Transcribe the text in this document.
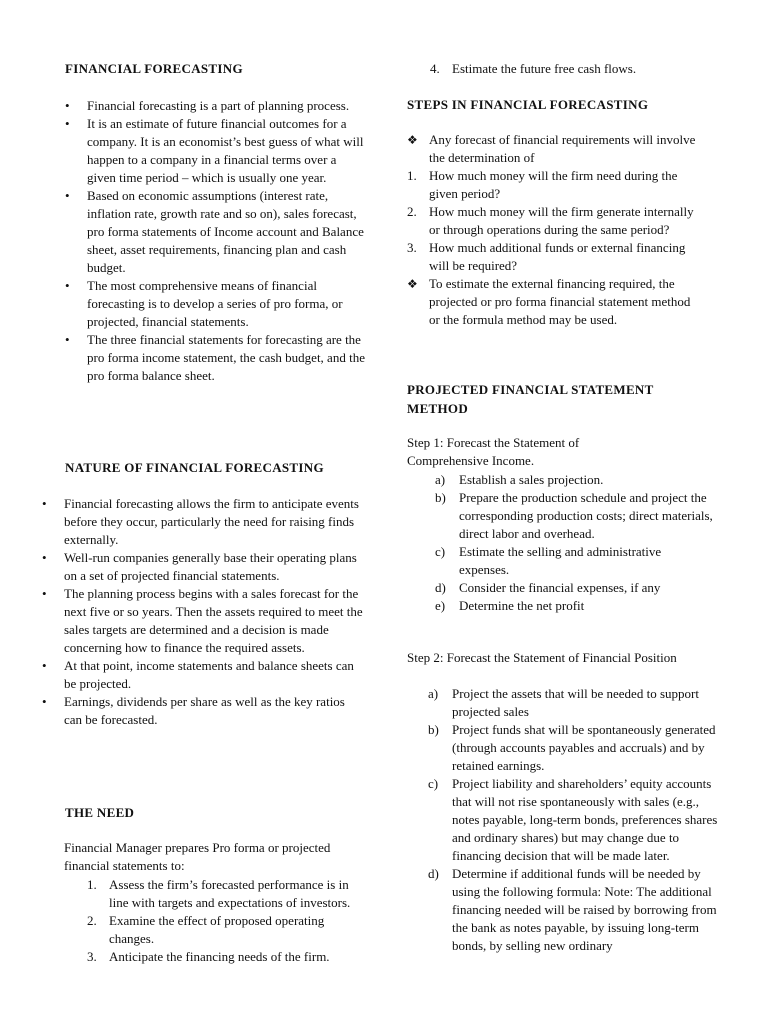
FINANCIAL FORECASTING
• Financial forecasting is a part of planning process.
• It is an estimate of future financial outcomes for a company. It is an economist’s best guess of what will happen to a company in a financial terms over a given time period – which is usually one year.
• Based on economic assumptions (interest rate, inflation rate, growth rate and so on), sales forecast, pro forma statements of Income account and Balance sheet, asset requirements, financing plan and cash budget.
• The most comprehensive means of financial forecasting is to develop a series of pro forma, or projected, financial statements.
• The three financial statements for forecasting are the pro forma income statement, the cash budget, and the pro forma balance sheet.
NATURE OF FINANCIAL FORECASTING
• Financial forecasting allows the firm to anticipate events before they occur, particularly the need for raising finds externally.
• Well-run companies generally base their operating plans on a set of projected financial statements.
• The planning process begins with a sales forecast for the next five or so years. Then the assets required to meet the sales targets are determined and a decision is made concerning how to finance the required assets.
• At that point, income statements and balance sheets can be projected.
• Earnings, dividends per share as well as the key ratios can be forecasted.
THE NEED

Financial Manager prepares Pro forma or projected financial statements to:

1. Assess the firm’s forecasted performance is in line with targets and expectations of investors.
2. Examine the effect of proposed operating changes.
3. Anticipate the financing needs of the firm.
4. Estimate the future free cash flows.
STEPS IN FINANCIAL FORECASTING
❖ Any forecast of financial requirements will involve the determination of
1. How much money will the firm need during the given period?
2. How much money will the firm generate internally or through operations during the same period?
3. How much additional funds or external financing will be required?
❖ To estimate the external financing required, the projected or pro forma financial statement method or the formula method may be used.
PROJECTED FINANCIAL STATEMENT METHOD

Step 1: Forecast the Statement of Comprehensive Income.

a) Establish a sales projection.
b) Prepare the production schedule and project the corresponding production costs; direct materials, direct labor and overhead.
c) Estimate the selling and administrative expenses.
d) Consider the financial expenses, if any
e) Determine the net profit

Step 2: Forecast the Statement of Financial Position

a) Project the assets that will be needed to support projected sales
b) Project funds shat will be spontaneously generated (through accounts payables and accruals) and by retained earnings.
c) Project liability and shareholders’ equity accounts that will not rise spontaneously with sales (e.g., notes payable, long-term bonds, preferences shares and ordinary shares) but may change due to financing decision that will be made later.
d) Determine if additional funds will be needed by using the following formula: Note: The additional financing needed will be raised by borrowing from the bank as notes payable, by issuing long-term bonds, by selling new ordinary
